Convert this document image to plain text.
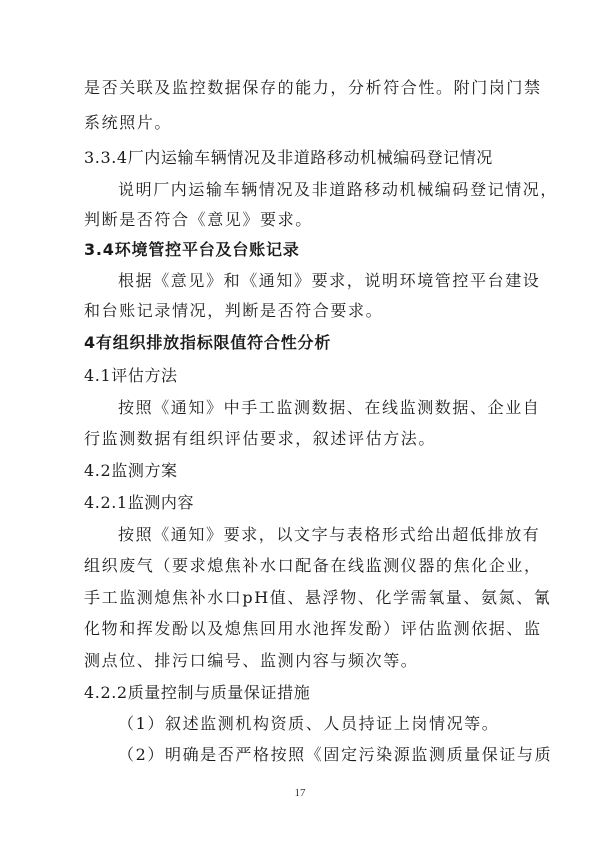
是否关联及监控数据保存的能力，分析符合性。附门岗门禁
系统照片。
3.3.4厂内运输车辆情况及非道路移动机械编码登记情况
说明厂内运输车辆情况及非道路移动机械编码登记情况，
判断是否符合《意见》要求。
3.4环境管控平台及台账记录
根据《意见》和《通知》要求，说明环境管控平台建设
和台账记录情况，判断是否符合要求。
4有组织排放指标限值符合性分析
4.1评估方法
按照《通知》中手工监测数据、在线监测数据、企业自
行监测数据有组织评估要求，叙述评估方法。
4.2监测方案
4.2.1监测内容
按照《通知》要求，以文字与表格形式给出超低排放有
组织废气（要求熄焦补水口配备在线监测仪器的焦化企业，
手工监测熄焦补水口pH值、悬浮物、化学需氧量、氨氮、氰
化物和挥发酚以及熄焦回用水池挥发酚）评估监测依据、监
测点位、排污口编号、监测内容与频次等。
4.2.2质量控制与质量保证措施
（1）叙述监测机构资质、人员持证上岗情况等。
（2）明确是否严格按照《固定污染源监测质量保证与质
17
